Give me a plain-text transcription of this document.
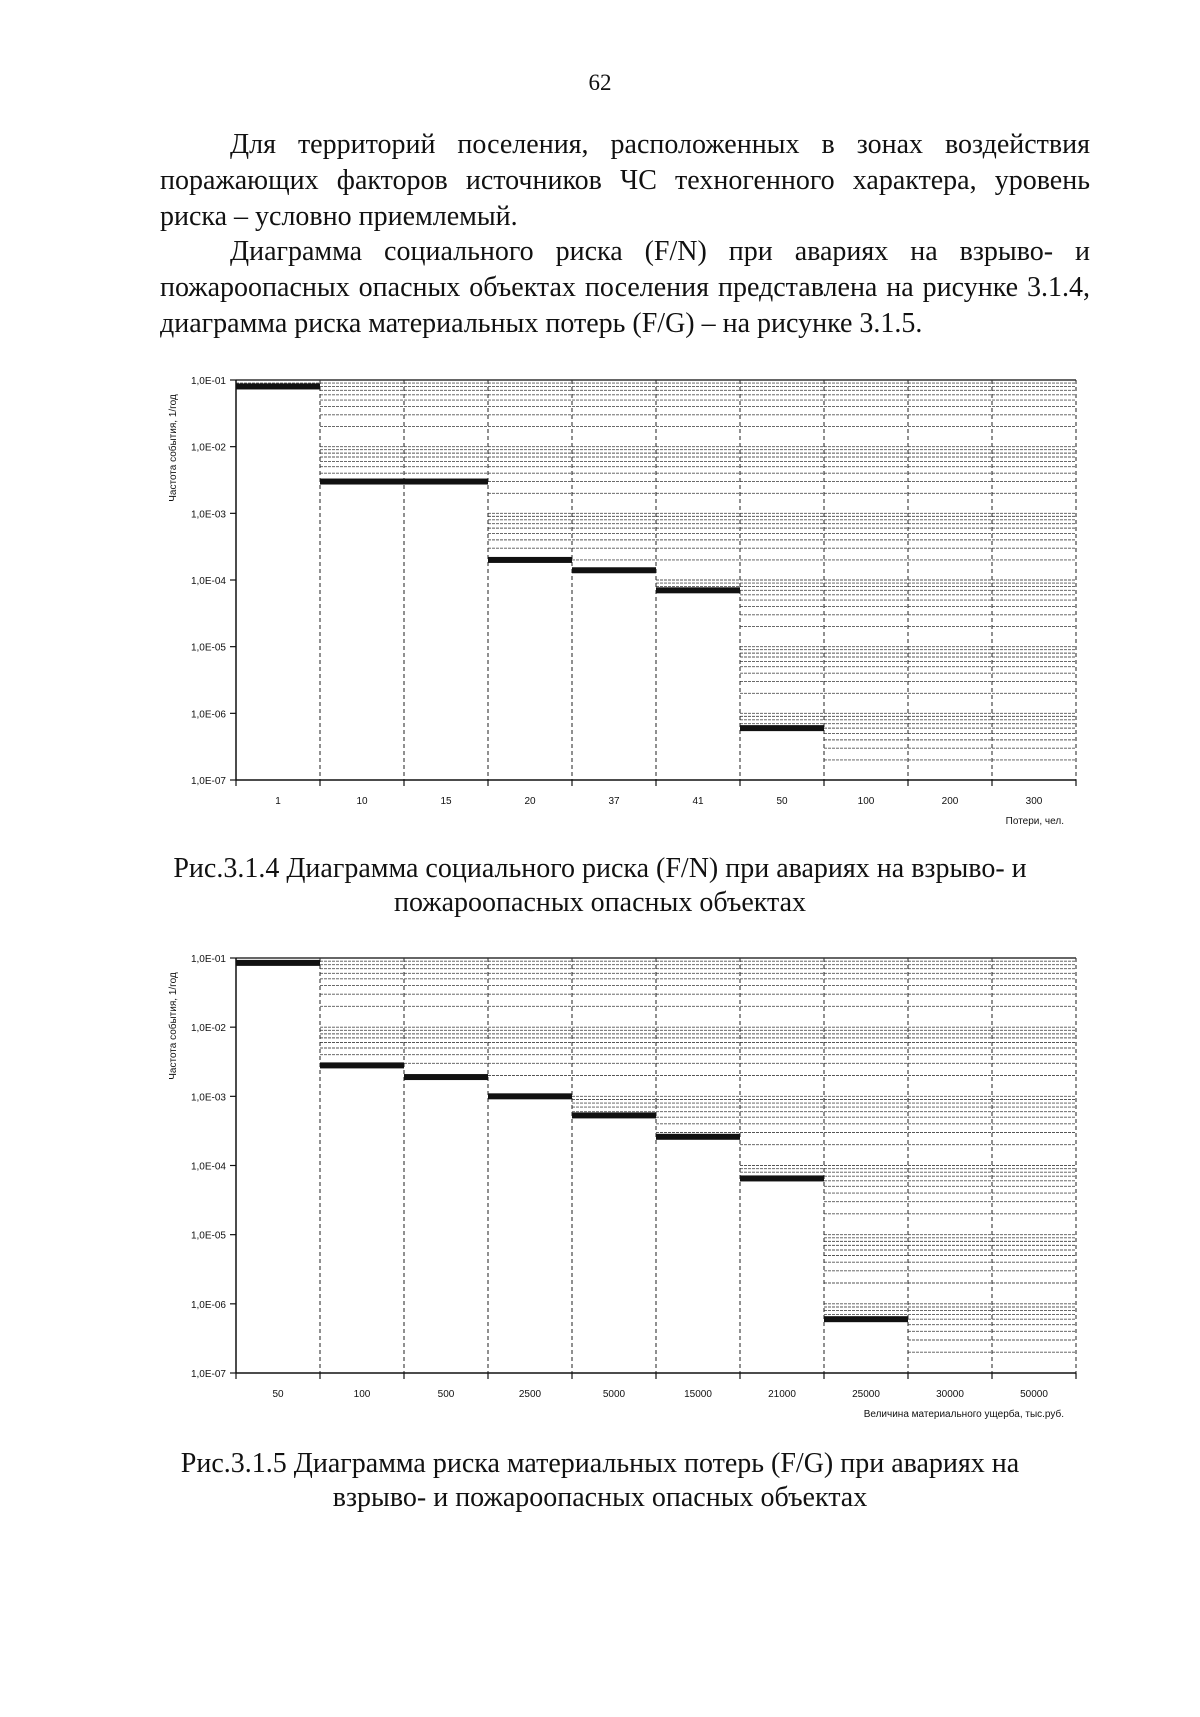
62

Для территорий поселения, расположенных в зонах воздействия поражающих факторов источников ЧС техногенного характера, уровень риска – условно приемлемый.

Диаграмма социального риска (F/N) при авариях на взрыво- и пожароопасных опасных объектах поселения представлена на рисунке 3.1.4, диаграмма риска материальных потерь (F/G) – на рисунке 3.1.5.

1,0E-01
1,0E-02
1,0E-03
1,0E-04
1,0E-05
1,0E-06
1,0E-07
1	10	15	20	37	41	50	100	200	300
Потери, чел.
Частота события, 1/год
Рис.3.1.4 Диаграмма социального риска (F/N) при авариях на взрыво- и пожароопасных опасных объектах
1,0E-01
1,0E-02
1,0E-03
1,0E-04
1,0E-05
1,0E-06
1,0E-07
50	100	500	2500	5000	15000	21000	25000	30000	50000
Величина материального ущерба, тыс.руб.
Частота события, 1/год
Рис.3.1.5 Диаграмма риска материальных потерь (F/G) при авариях на взрыво- и пожароопасных опасных объектах
